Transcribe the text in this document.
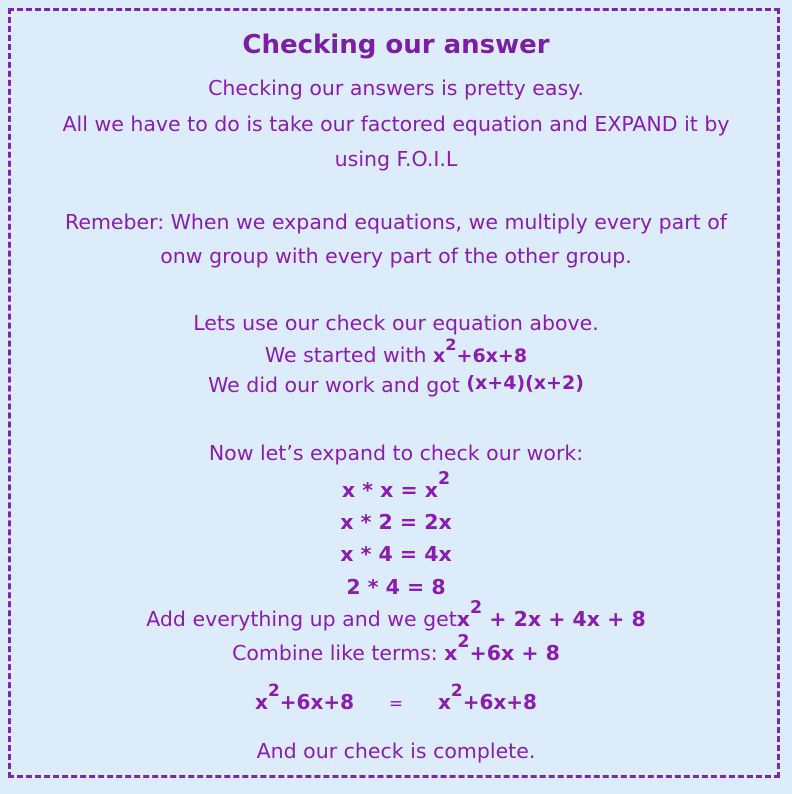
Checking our answer
Checking our answers is pretty easy.
All we have to do is take our factored equation and EXPAND it by
using F.O.I.L
Remeber: When we expand equations, we multiply every part of
onw group with every part of the other group.
Lets use our check our equation above.
We started with $x^2+6x+8$
We did our work and got (x+4)(x+2)
Now let’s expand to check our work:
$x * x = x^2$
x * 2 = 2x
x * 4 = 4x
2 * 4 = 8
Add everything up and we getx$^2$ + 2x + 4x + 8
Combine like terms: $x^2+6x + 8$
$x^2+6x+8 = x^2+6x+8$
And our check is complete.
